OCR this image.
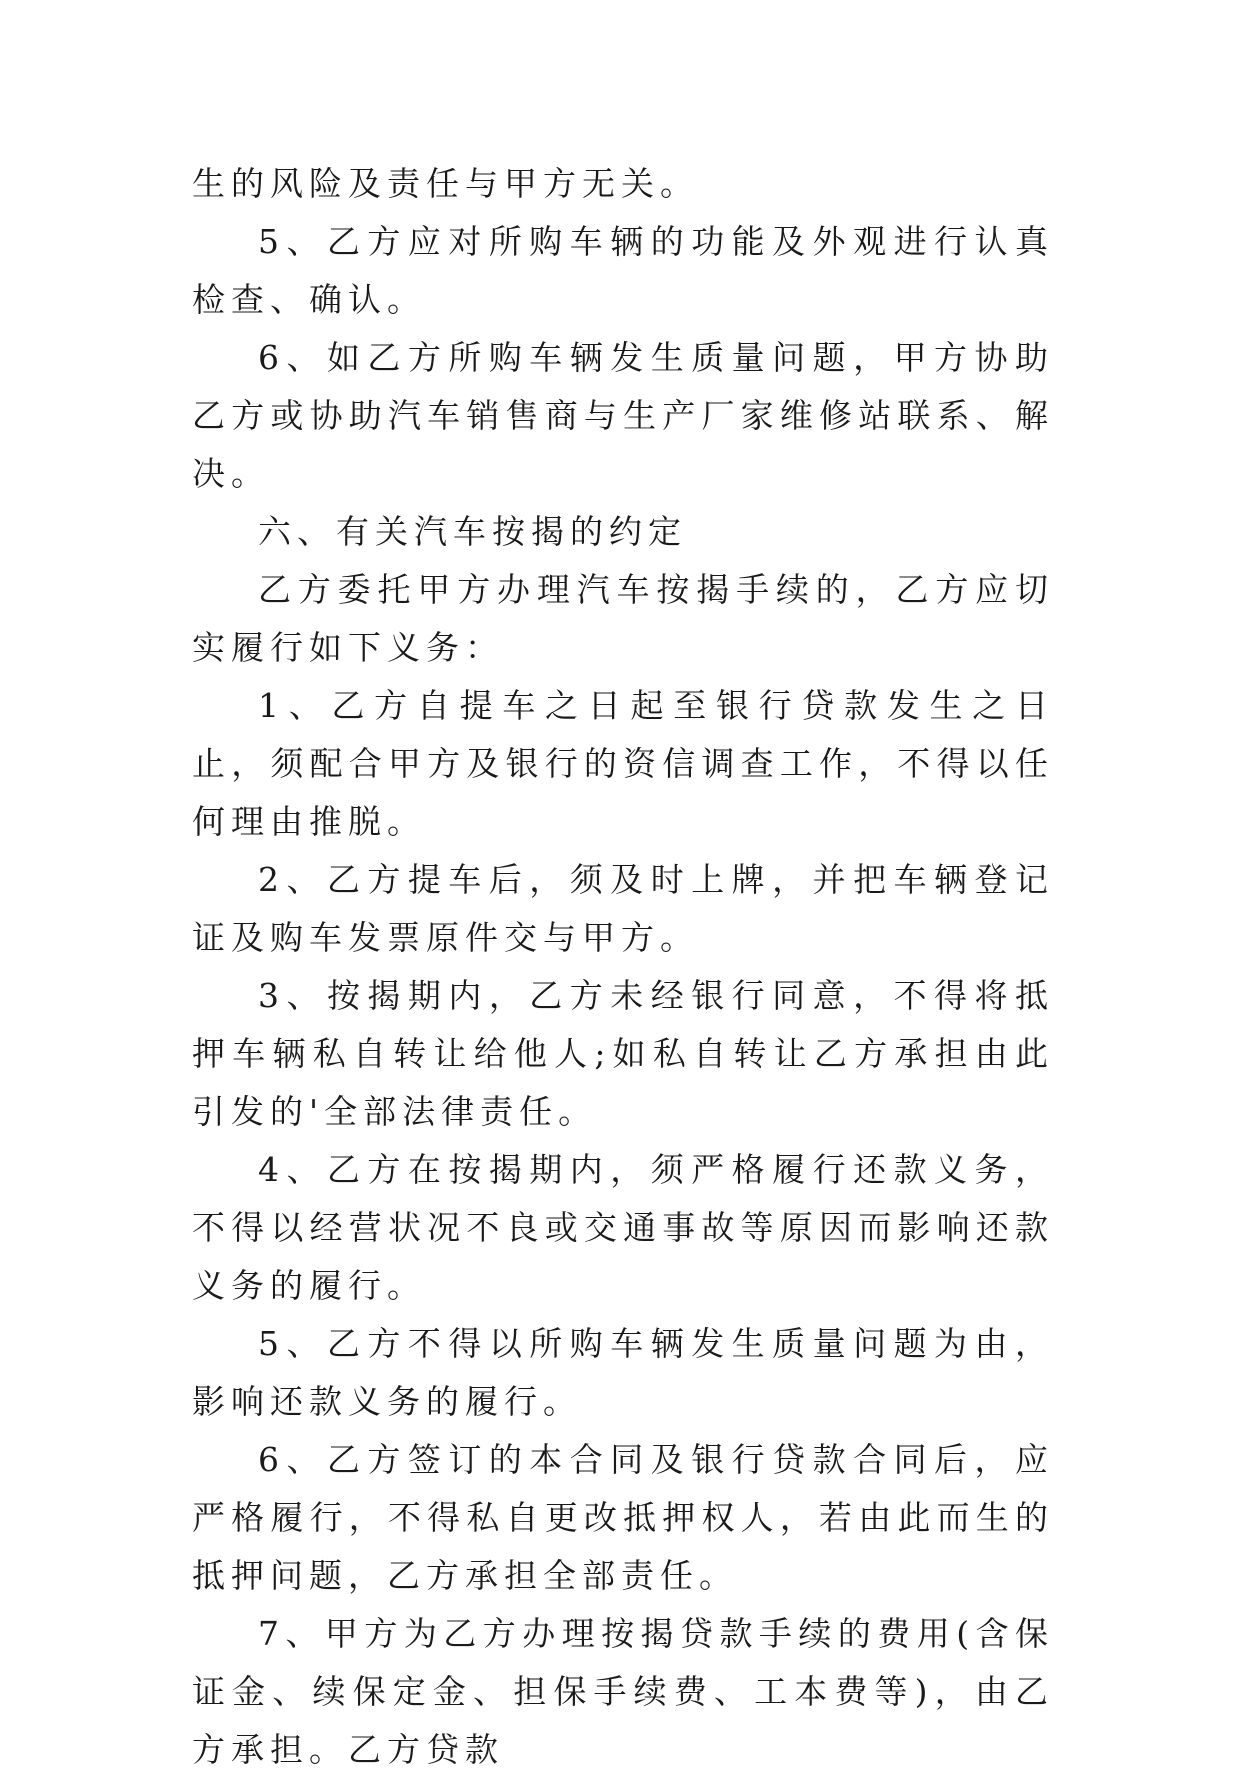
生的风险及责任与甲方无关。

5、乙方应对所购车辆的功能及外观进行认真检查、确认。

6、如乙方所购车辆发生质量问题，甲方协助乙方或协助汽车销售商与生产厂家维修站联系、解决。

六、有关汽车按揭的约定

乙方委托甲方办理汽车按揭手续的，乙方应切实履行如下义务：

1、乙方自提车之日起至银行贷款发生之日止，须配合甲方及银行的资信调查工作，不得以任何理由推脱。

2、乙方提车后，须及时上牌，并把车辆登记证及购车发票原件交与甲方。

3、按揭期内，乙方未经银行同意，不得将抵押车辆私自转让给他人;如私自转让乙方承担由此引发的'全部法律责任。

4、乙方在按揭期内，须严格履行还款义务，不得以经营状况不良或交通事故等原因而影响还款义务的履行。

5、乙方不得以所购车辆发生质量问题为由，影响还款义务的履行。

6、乙方签订的本合同及银行贷款合同后，应严格履行，不得私自更改抵押权人，若由此而生的抵押问题，乙方承担全部责任。

7、甲方为乙方办理按揭贷款手续的费用(含保证金、续保定金、担保手续费、工本费等)，由乙方承担。乙方贷款
